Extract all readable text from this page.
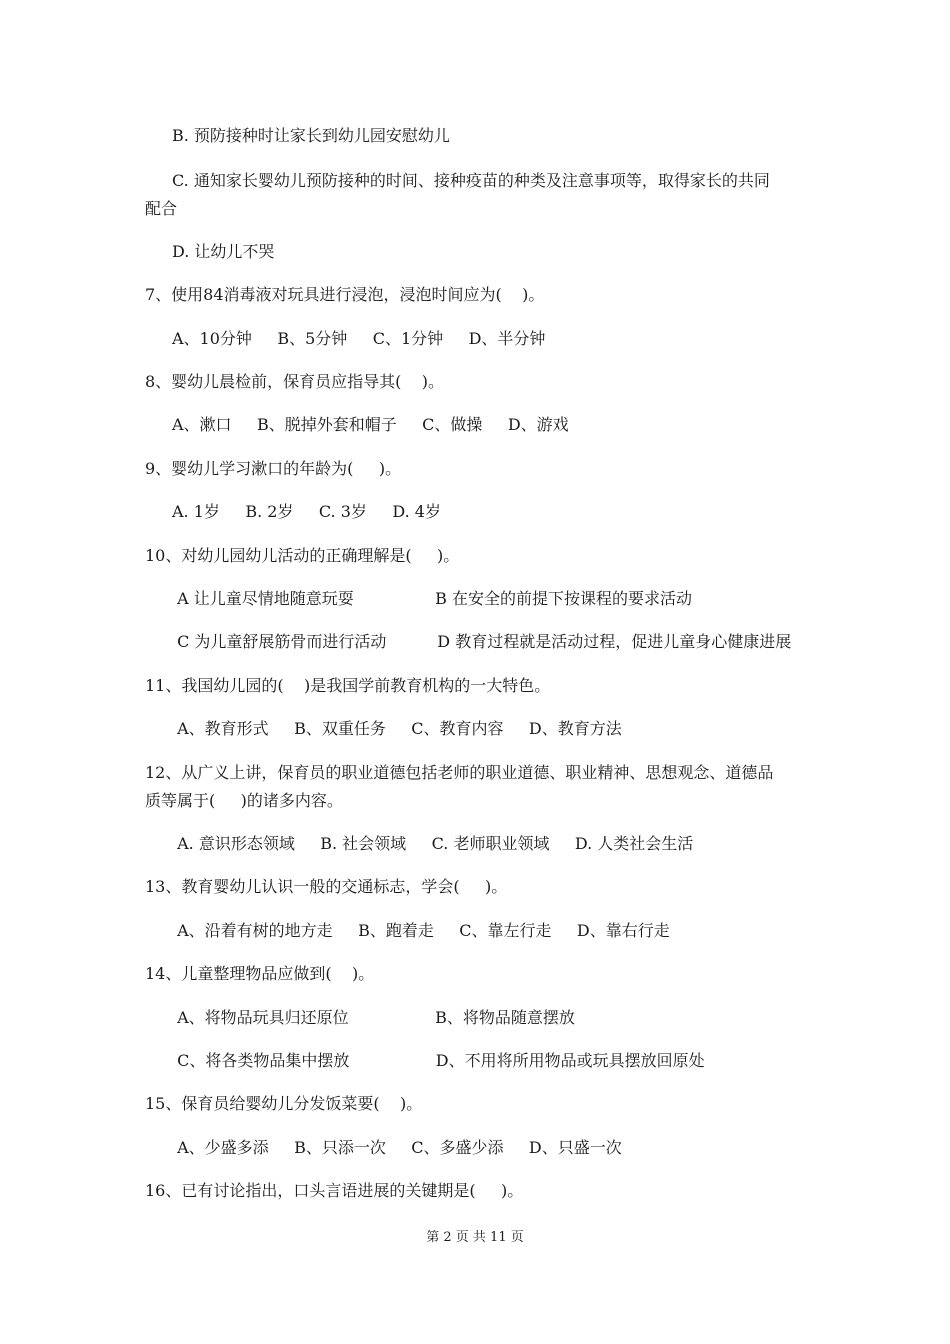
B. 预防接种时让家长到幼儿园安慰幼儿
C. 通知家长婴幼儿预防接种的时间、接种疫苗的种类及注意事项等，取得家长的共同
配合
D. 让幼儿不哭
7、使用84消毒液对玩具进行浸泡，浸泡时间应为(    )。
A、10分钟     B、5分钟     C、1分钟     D、半分钟
8、婴幼儿晨检前，保育员应指导其(    )。
A、漱口     B、脱掉外套和帽子     C、做操     D、游戏
9、婴幼儿学习漱口的年龄为(     )。
A. 1岁     B. 2岁     C. 3岁     D. 4岁
10、对幼儿园幼儿活动的正确理解是(     )。
A 让儿童尽情地随意玩耍                B 在安全的前提下按课程的要求活动
C 为儿童舒展筋骨而进行活动          D 教育过程就是活动过程，促进儿童身心健康进展
11、我国幼儿园的(    )是我国学前教育机构的一大特色。
A、教育形式     B、双重任务     C、教育内容     D、教育方法
12、从广义上讲，保育员的职业道德包括老师的职业道德、职业精神、思想观念、道德品
质等属于(     )的诸多内容。
A. 意识形态领域     B. 社会领域     C. 老师职业领域     D. 人类社会生活
13、教育婴幼儿认识一般的交通标志，学会(     )。
A、沿着有树的地方走     B、跑着走     C、靠左行走     D、靠右行走
14、儿童整理物品应做到(    )。
A、将物品玩具归还原位                 B、将物品随意摆放
C、将各类物品集中摆放                 D、不用将所用物品或玩具摆放回原处
15、保育员给婴幼儿分发饭菜要(    )。
A、少盛多添     B、只添一次     C、多盛少添     D、只盛一次
16、已有讨论指出，口头言语进展的关键期是(     )。
第 2 页 共 11 页
